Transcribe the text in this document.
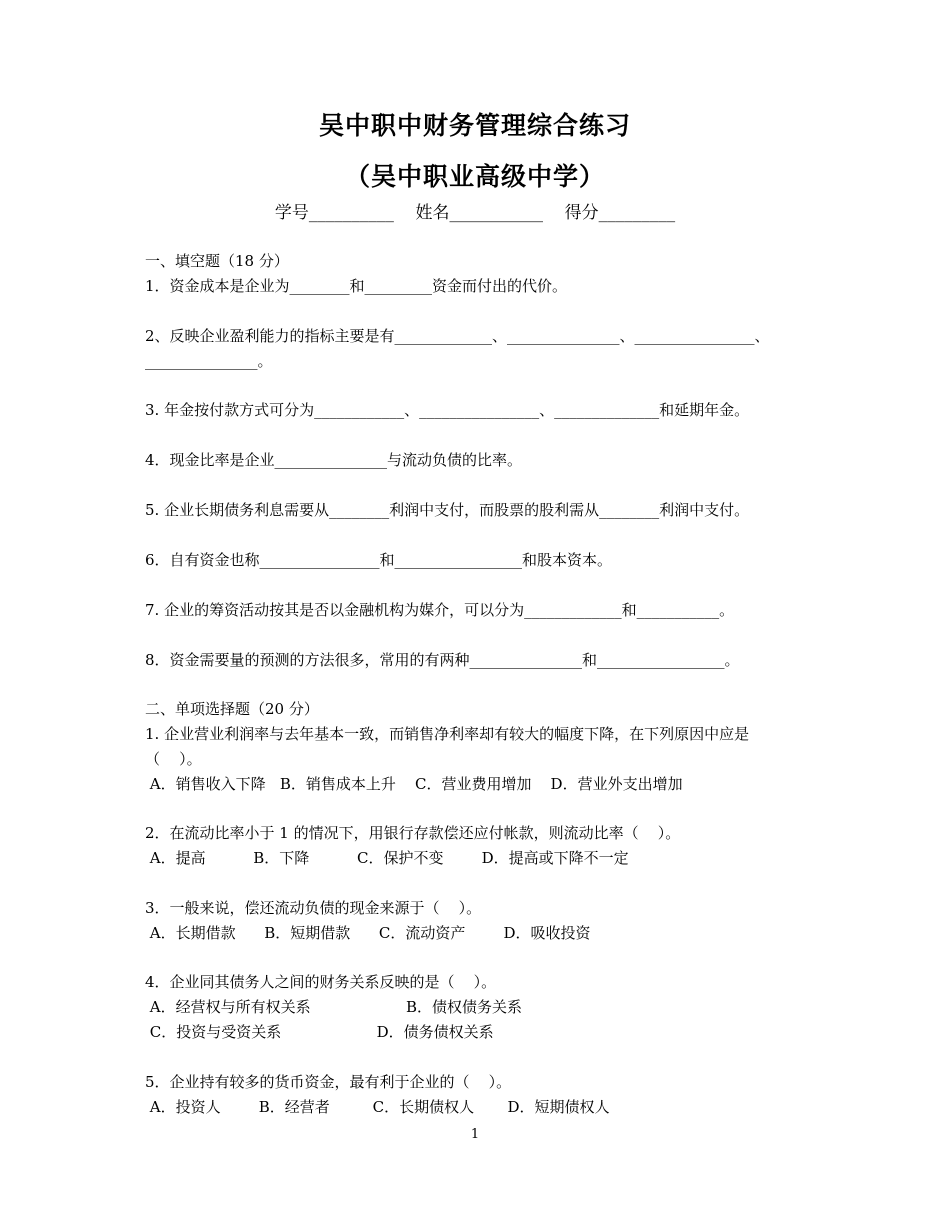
吴中职中财务管理综合练习
（吴中职业高级中学）
学号__________    姓名___________    得分_________
一、填空题（18 分）
1．资金成本是企业为________和_________资金而付出的代价。
2、反映企业盈利能力的指标主要是有_____________、_______________、________________、
_______________。
3. 年金按付款方式可分为____________、________________、______________和延期年金。
4．现金比率是企业_______________与流动负债的比率。
5. 企业长期债务利息需要从________利润中支付，而股票的股利需从________利润中支付。
6．自有资金也称________________和_________________和股本资本。
7. 企业的筹资活动按其是否以金融机构为媒介，可以分为_____________和___________。
8．资金需要量的预测的方法很多，常用的有两种_______________和_________________。
二、单项选择题（20 分）
1. 企业营业利润率与去年基本一致，而销售净利率却有较大的幅度下降，在下列原因中应是
（    ）。
A．销售收入下降   B．销售成本上升    C．营业费用增加    D．营业外支出增加
2．在流动比率小于 1 的情况下，用银行存款偿还应付帐款，则流动比率（    ）。
A．提高          B．下降          C．保护不变        D．提高或下降不一定
3．一般来说，偿还流动负债的现金来源于（    ）。
A．长期借款      B．短期借款      C．流动资产        D．吸收投资
4．企业同其债务人之间的财务关系反映的是（    ）。
A．经营权与所有权关系                    B．债权债务关系
C．投资与受资关系                    D．债务债权关系
5．企业持有较多的货币资金，最有利于企业的（    ）。
A．投资人        B．经营者         C．长期债权人       D．短期债权人
1
